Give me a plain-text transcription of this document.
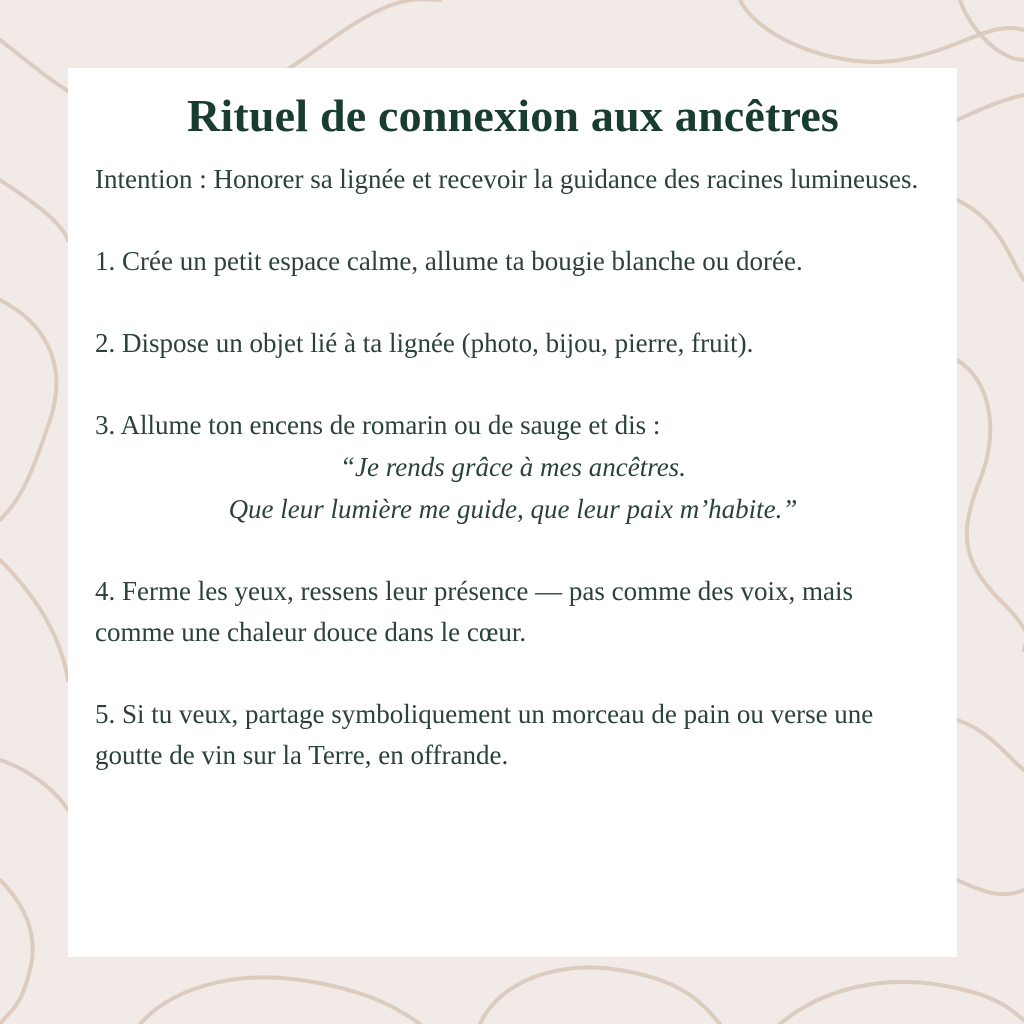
Rituel de connexion aux ancêtres

Intention : Honorer sa lignée et recevoir la guidance des racines lumineuses.

1. Crée un petit espace calme, allume ta bougie blanche ou dorée.

2. Dispose un objet lié à ta lignée (photo, bijou, pierre, fruit).

3. Allume ton encens de romarin ou de sauge et dis :

“Je rends grâce à mes ancêtres.
Que leur lumière me guide, que leur paix m’habite.”

4. Ferme les yeux, ressens leur présence — pas comme des voix, mais comme une chaleur douce dans le cœur.

5. Si tu veux, partage symboliquement un morceau de pain ou verse une goutte de vin sur la Terre, en offrande.
